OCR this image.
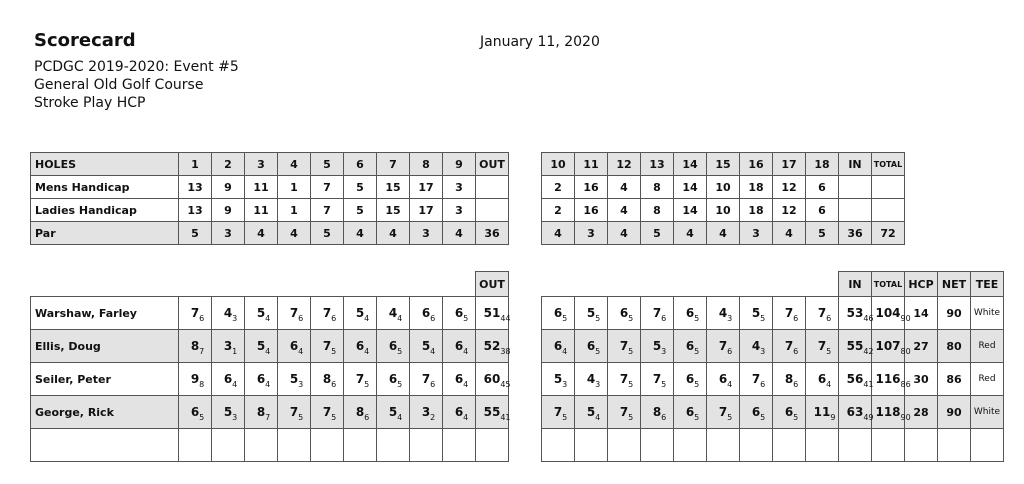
Scorecard	January 11, 2020
PCDGC 2019-2020: Event #5
General Old Golf Course
Stroke Play HCP
HOLES	1	2	3	4	5	6	7	8	9	OUT		10	11	12	13	14	15	16	17	18	IN	TOTAL
Mens Handicap	13	9	11	1	7	5	15	17	3			2	16	4	8	14	10	18	12	6		
Ladies Handicap	13	9	11	1	7	5	15	17	3			2	16	4	8	14	10	18	12	6		
Par	5	3	4	4	5	4	4	3	4	36		4	3	4	5	4	4	3	4	5	36	72
										OUT											IN	TOTAL	HCP	NET	TEE
Warshaw, Farley	7 6	4 3	5 4	7 6	7 6	5 4	4 4	6 6	6 5	51 44		6 5	5 5	6 5	7 6	6 5	4 3	5 5	7 6	7 6	53 46	104 90	14	90	White
Ellis, Doug	8 7	3 1	5 4	6 4	7 5	6 4	6 5	5 4	6 4	52 38		6 4	6 5	7 5	5 3	6 5	7 6	4 3	7 6	7 5	55 42	107 80	27	80	Red
Seiler, Peter	9 8	6 4	6 4	5 3	8 6	7 5	6 5	7 6	6 4	60 45		5 3	4 3	7 5	7 5	6 5	6 4	7 6	8 6	6 4	56 41	116 86	30	86	Red
George, Rick	6 5	5 3	8 7	7 5	7 5	8 6	5 4	3 2	6 4	55 41		7 5	5 4	7 5	8 6	6 5	7 5	6 5	6 5	11 9	63 49	118 90	28	90	White
